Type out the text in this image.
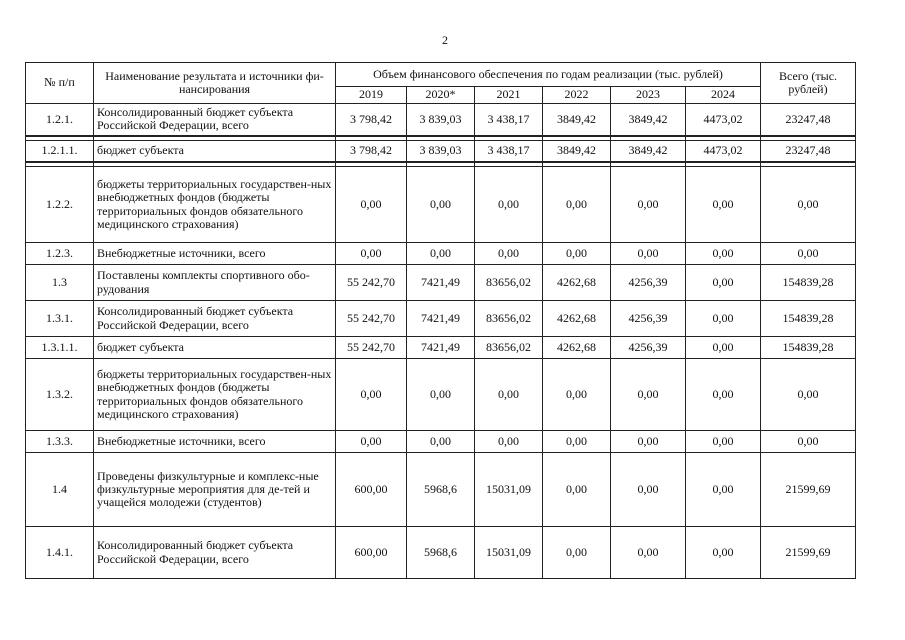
2
№ п/п	Наименование результата и источники фи-нансирования	Объем финансового обеспечения по годам реализации (тыс. рублей)						Всего (тыс. рублей)
		2019	2020*	2021	2022	2023	2024	
1.2.1.	Консолидированный бюджет субъекта Российской Федерации, всего	3 798,42	3 839,03	3 438,17	3849,42	3849,42	4473,02	23247,48

1.2.1.1.	бюджет субъекта	3 798,42	3 839,03	3 438,17	3849,42	3849,42	4473,02	23247,48

1.2.2.	бюджеты территориальных государствен-ных внебюджетных фондов (бюджеты территориальных фондов обязательного медицинского страхования)	0,00	0,00	0,00	0,00	0,00	0,00	0,00
1.2.3.	Внебюджетные источники, всего	0,00	0,00	0,00	0,00	0,00	0,00	0,00
1.3	Поставлены комплекты спортивного обо-рудования	55 242,70	7421,49	83656,02	4262,68	4256,39	0,00	154839,28
1.3.1.	Консолидированный бюджет субъекта Российской Федерации, всего	55 242,70	7421,49	83656,02	4262,68	4256,39	0,00	154839,28
1.3.1.1.	бюджет субъекта	55 242,70	7421,49	83656,02	4262,68	4256,39	0,00	154839,28
1.3.2.	бюджеты территориальных государствен-ных внебюджетных фондов (бюджеты территориальных фондов обязательного медицинского страхования)	0,00	0,00	0,00	0,00	0,00	0,00	0,00
1.3.3.	Внебюджетные источники, всего	0,00	0,00	0,00	0,00	0,00	0,00	0,00
1.4	Проведены физкультурные и комплекс-ные физкультурные мероприятия для де-тей и учащейся молодежи (студентов)	600,00	5968,6	15031,09	0,00	0,00	0,00	21599,69
1.4.1.	Консолидированный бюджет субъекта Российской Федерации, всего	600,00	5968,6	15031,09	0,00	0,00	0,00	21599,69
